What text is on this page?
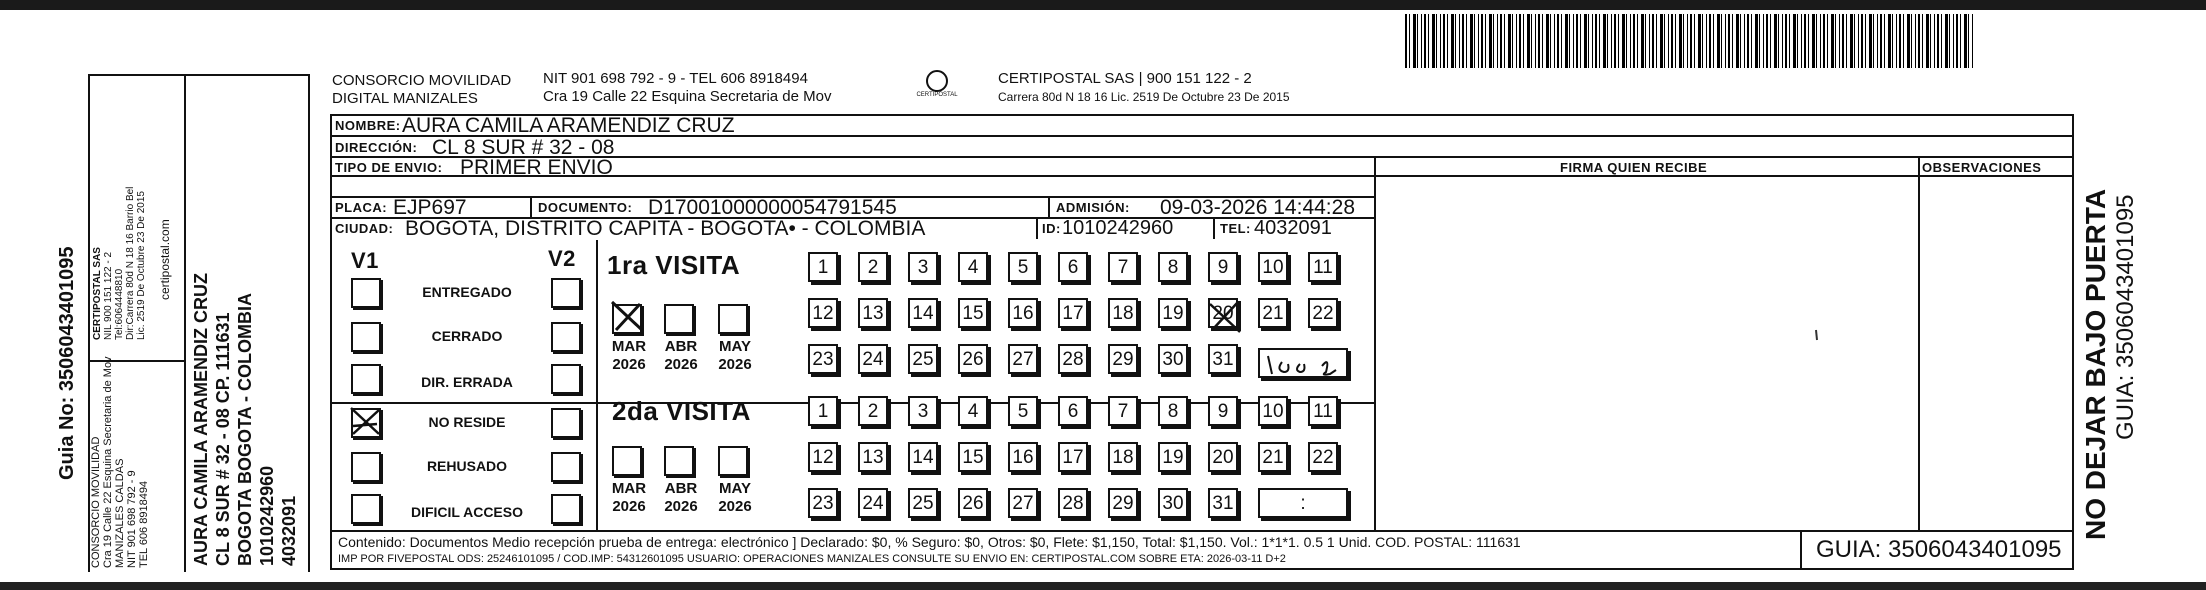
Guia No: 3506043401095
CONSORCIO MOVILIDAD Cra 19 Calle 22 Esquina Secretaria de Mov MANIZALES CALDAS NIT 901 698 792 - 9 TEL 606 8918494
CERTIPOSTAL SAS NIL 900 151 122 - 2 Tel:6064448810 Dir:Carrera 80d N 18 16 Barrio Bel Lic. 2519 De Octubre 23 De 2015 certipostal.com
AURA CAMILA ARAMENDIZ CRUZ CL 8 SUR # 32 - 08 CP. 111631 BOGOTA BOGOTA - COLOMBIA 1010242960 4032091
CONSORCIO MOVILIDAD
DIGITAL MANIZALES
NIT 901 698 792 - 9 - TEL 606 8918494
Cra 19 Calle 22 Esquina Secretaria de Mov	CERTIPOSTAL
CERTIPOSTAL SAS | 900 151 122 - 2
Carrera 80d N 18 16 Lic. 2519 De Octubre 23 De 2015
NOMBRE: AURA CAMILA ARAMENDIZ CRUZ
DIRECCIÓN: CL 8 SUR # 32 - 08
TIPO DE ENVIO: PRIMER ENVIO	FIRMA QUIEN RECIBE	OBSERVACIONES
PLACA: EJP697	DOCUMENTO: D17001000000054791545	ADMISIÓN: 09-03-2026 14:44:28
CIUDAD: BOGOTA, DISTRITO CAPITA - BOGOTA• - COLOMBIA	ID: 1010242960	TEL: 4032091
V1	V2
ENTREGADO
CERRADO
DIR. ERRADA
NO RESIDE
REHUSADO
DIFICIL ACCESO
1ra VISITA
MAR
2026
ABR
2026
MAY
2026
1	2	3	4	5	6	7	8	9	10 11
12 13 14 15 16 17 18 19 20 21 22
23 24 25 26 27 28 29 30 31
2da VISITA
MAR
2026
ABR
2026
MAY
2026
1	2	3	4	5	6	7	8	9	10 11
12 13 14 15 16 17 18 19 20 21 22
23 24 25 26 27 28 29 30 31	:
Contenido: Documentos Medio recepción prueba de entrega: electrónico ] Declarado: $0, % Seguro: $0, Otros: $0, Flete: $1,150, Total: $1,150. Vol.: 1*1*1. 0.5 1 Unid. COD. POSTAL: 111631
IMP POR FIVEPOSTAL ODS: 25246101095 / COD.IMP: 54312601095 USUARIO: OPERACIONES MANIZALES CONSULTE SU ENVIO EN: CERTIPOSTAL.COM SOBRE ETA: 2026-03-11 D+2	GUIA: 3506043401095
NO DEJAR BAJO PUERTA GUIA: 3506043401095
